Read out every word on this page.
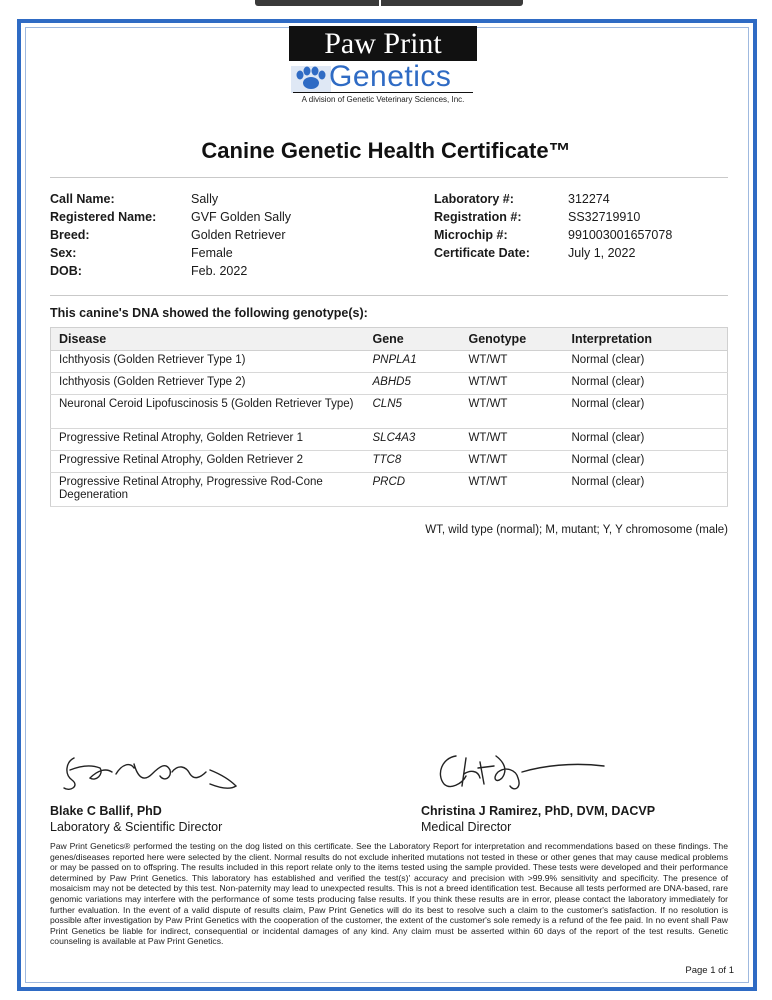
Paw Print
Genetics
A division of Genetic Veterinary Sciences, Inc.
Canine Genetic Health Certificate™
Call Name:	Sally
Registered Name:	GVF Golden Sally
Breed:	Golden Retriever
Sex:	Female
DOB:	Feb. 2022
Laboratory #:	312274
Registration #:	SS32719910
Microchip #:	991003001657078
Certificate Date:	July 1, 2022
This canine's DNA showed the following genotype(s):
Disease	Gene	Genotype	Interpretation
Ichthyosis (Golden Retriever Type 1)	PNPLA1	WT/WT	Normal (clear)
Ichthyosis (Golden Retriever Type 2)	ABHD5	WT/WT	Normal (clear)
Neuronal Ceroid Lipofuscinosis 5 (Golden Retriever Type)	CLN5	WT/WT	Normal (clear)
Progressive Retinal Atrophy, Golden Retriever 1	SLC4A3	WT/WT	Normal (clear)
Progressive Retinal Atrophy, Golden Retriever 2	TTC8	WT/WT	Normal (clear)
Progressive Retinal Atrophy, Progressive Rod-Cone Degeneration	PRCD	WT/WT	Normal (clear)
WT, wild type (normal); M, mutant; Y, Y chromosome (male)
Blake C Ballif, PhD
Laboratory & Scientific Director
Christina J Ramirez, PhD, DVM, DACVP
Medical Director
Paw Print Genetics® performed the testing on the dog listed on this certificate. See the Laboratory Report for interpretation and recommendations based on these findings. The genes/diseases reported here were selected by the client. Normal results do not exclude inherited mutations not tested in these or other genes that may cause medical problems or may be passed on to offspring. The results included in this report relate only to the items tested using the sample provided. These tests were developed and their performance determined by Paw Print Genetics. This laboratory has established and verified the test(s)' accuracy and precision with >99.9% sensitivity and specificity. The presence of mosaicism may not be detected by this test. Non-paternity may lead to unexpected results. This is not a breed identification test. Because all tests performed are DNA-based, rare genomic variations may interfere with the performance of some tests producing false results. If you think these results are in error, please contact the laboratory immediately for further evaluation. In the event of a valid dispute of results claim, Paw Print Genetics will do its best to resolve such a claim to the customer's satisfaction. If no resolution is possible after investigation by Paw Print Genetics with the cooperation of the customer, the extent of the customer's sole remedy is a refund of the fee paid. In no event shall Paw Print Genetics be liable for indirect, consequential or incidental damages of any kind. Any claim must be asserted within 60 days of the report of the test results. Genetic counseling is available at Paw Print Genetics.
Page 1 of 1
